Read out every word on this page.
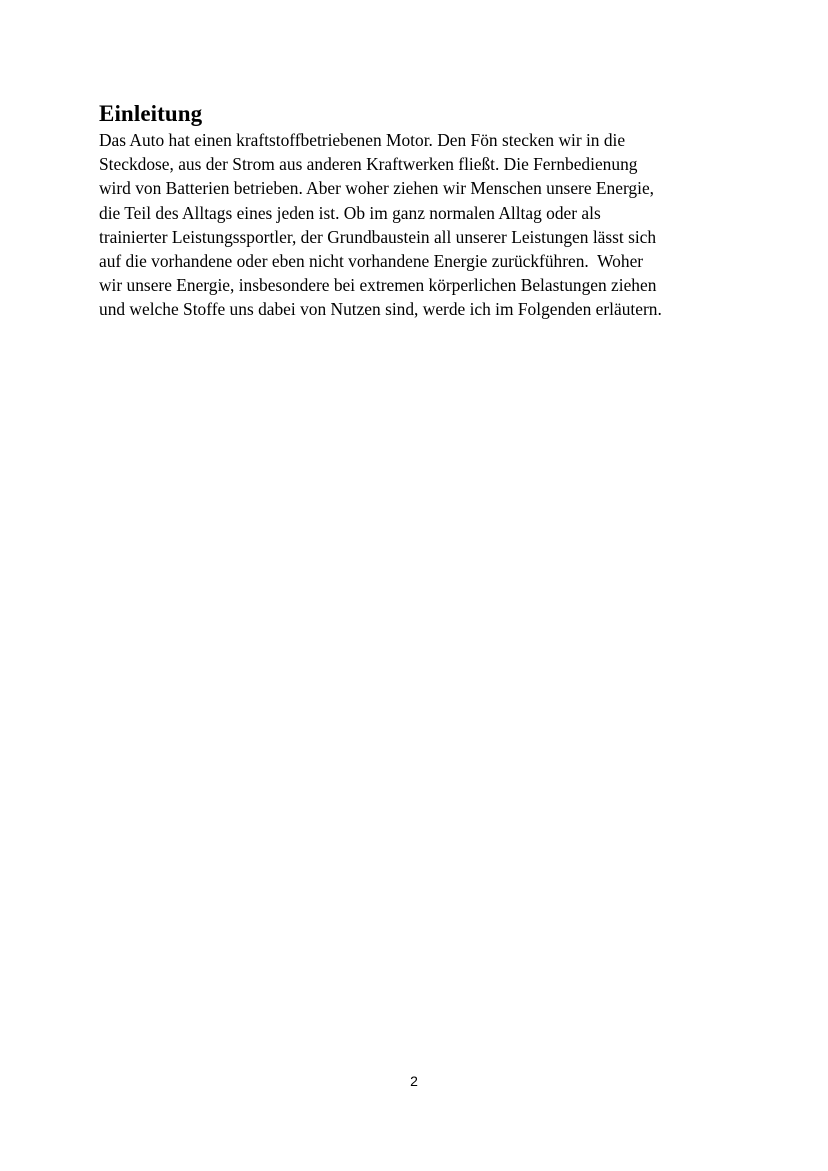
Einleitung

Das Auto hat einen kraftstoffbetriebenen Motor. Den Fön stecken wir in die
Steckdose, aus der Strom aus anderen Kraftwerken fließt. Die Fernbedienung
wird von Batterien betrieben. Aber woher ziehen wir Menschen unsere Energie,
die Teil des Alltags eines jeden ist. Ob im ganz normalen Alltag oder als
trainierter Leistungssportler, der Grundbaustein all unserer Leistungen lässt sich
auf die vorhandene oder eben nicht vorhandene Energie zurückführen.  Woher
wir unsere Energie, insbesondere bei extremen körperlichen Belastungen ziehen
und welche Stoffe uns dabei von Nutzen sind, werde ich im Folgenden erläutern.

2
